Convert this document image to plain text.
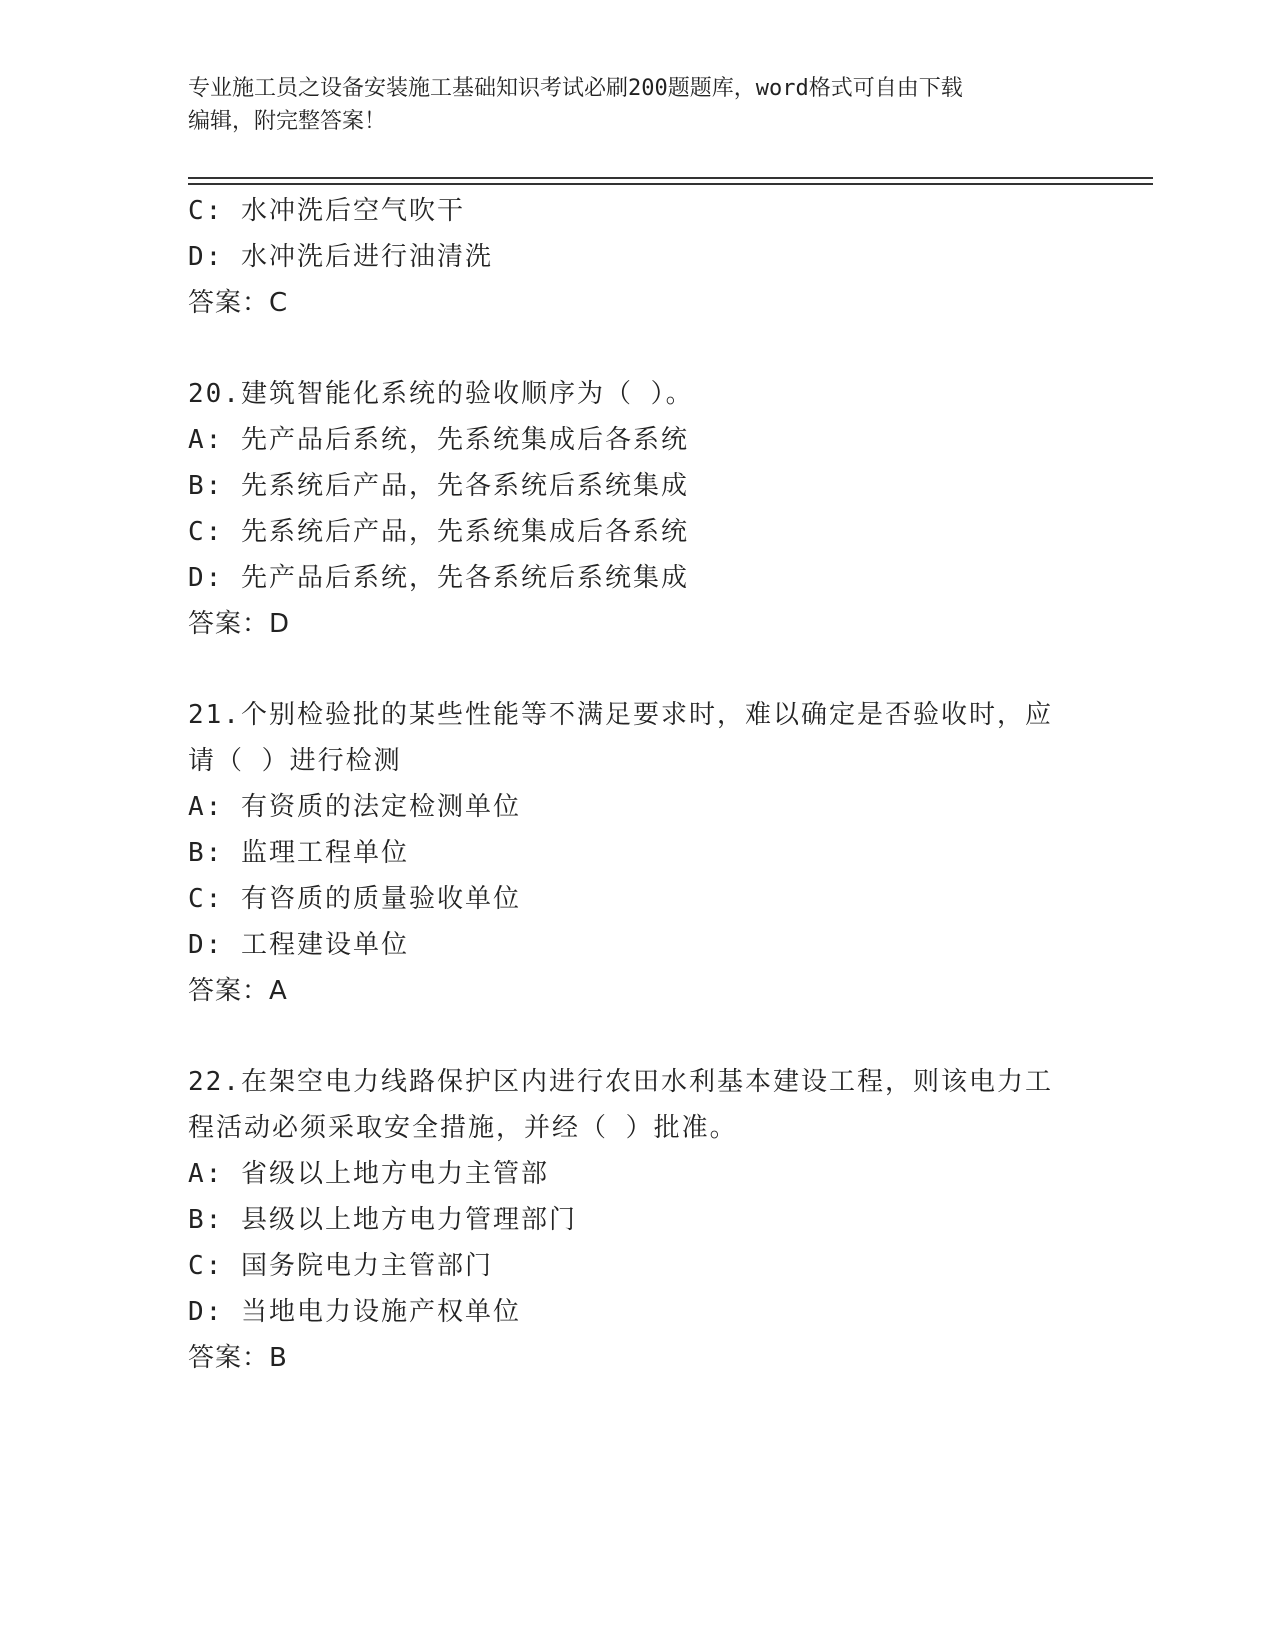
专业施工员之设备安装施工基础知识考试必刷200题题库，word格式可自由下载
编辑，附完整答案！
C: 水冲洗后空气吹干
D: 水冲洗后进行油清洗
答案：C
20.建筑智能化系统的验收顺序为（ ）。
A: 先产品后系统，先系统集成后各系统
B: 先系统后产品，先各系统后系统集成
C: 先系统后产品，先系统集成后各系统
D: 先产品后系统，先各系统后系统集成
答案：D
21.个别检验批的某些性能等不满足要求时，难以确定是否验收时，应
请（ ）进行检测
A: 有资质的法定检测单位
B: 监理工程单位
C: 有咨质的质量验收单位
D: 工程建设单位
答案：A
22.在架空电力线路保护区内进行农田水利基本建设工程，则该电力工
程活动必须采取安全措施，并经（ ）批准。
A: 省级以上地方电力主管部
B: 县级以上地方电力管理部门
C: 国务院电力主管部门
D: 当地电力设施产权单位
答案：B
